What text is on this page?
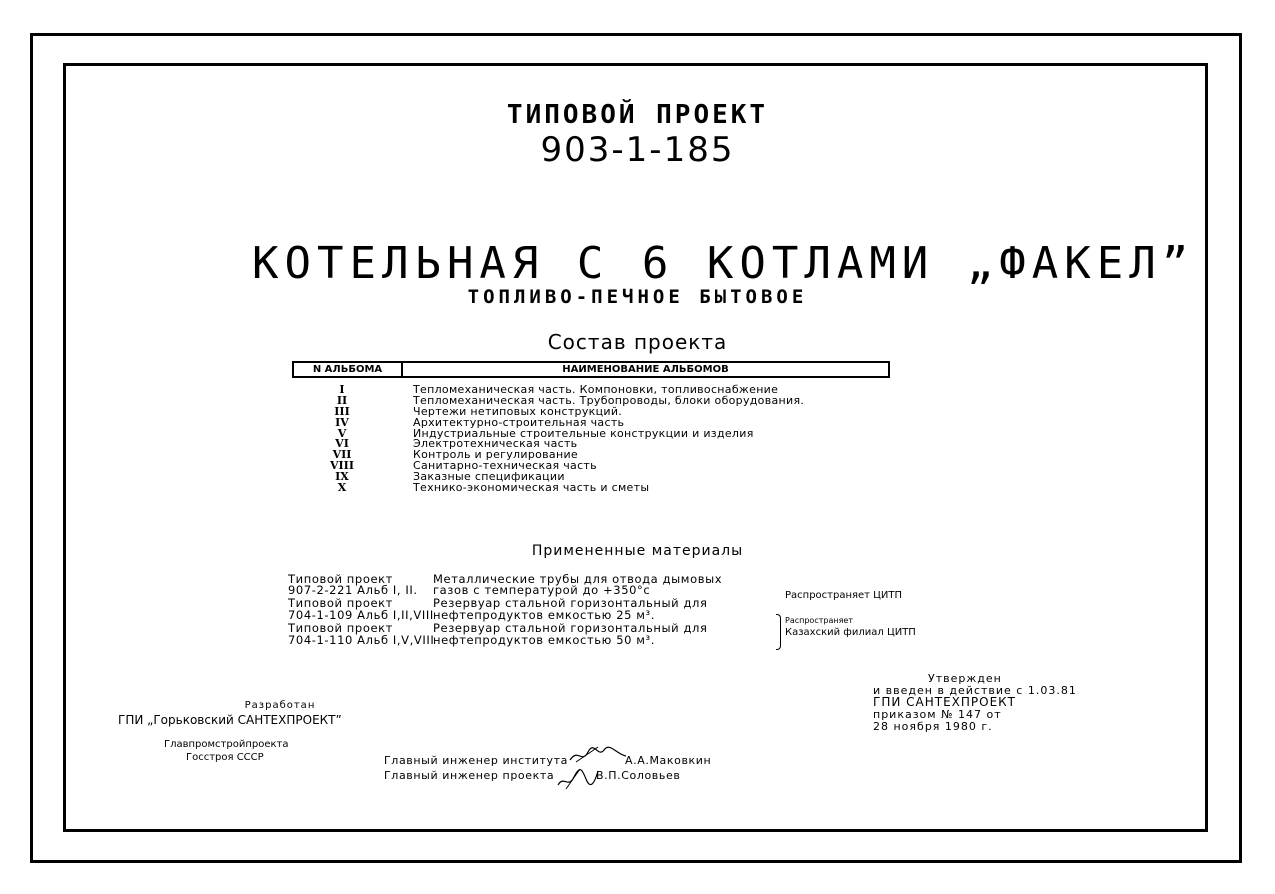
ТИПОВОЙ ПРОЕКТ
903-1-185
КОТЕЛЬНАЯ С 6 КОТЛАМИ „ФАКЕЛ”
ТОПЛИВО-ПЕЧНОЕ БЫТОВОЕ
Состав проекта
N АЛЬБОМА	НАИМЕНОВАНИЕ АЛЬБОМОВ
I	Тепломеханическая часть. Компоновки, топливоснабжение
II	Тепломеханическая часть. Трубопроводы, блоки оборудования.
III	Чертежи нетиповых конструкций.
IV	Архитектурно-строительная часть
V	Индустриальные строительные конструкции и изделия
VI	Электротехническая часть
VII	Контроль и регулирование
VIII	Санитарно-техническая часть
IX	Заказные спецификации
X	Технико-экономическая часть и сметы
Примененные материалы
Типовой проект	Металлические трубы для отвода дымовых
907-2-221 Альб I, II. газов с температурой до +350°с
Типовой проект	Резервуар стальной горизонтальный для
704-1-109 Альб I,II,VIII нефтепродуктов емкостью 25 м³.
Типовой проект	Резервуар стальной горизонтальный для
704-1-110 Альб I,V,VIII
нефтепродуктов емкостью 50 м³.
Распространяет ЦИТП
Распространяет
Казахский филиал ЦИТП
Разработан
ГПИ „Горьковский САНТЕХПРОЕКТ”
Главпромстройпроекта
Госстроя СССР	Главный инженер института	А.А.Маковкин
Главный инженер проекта	В.П.Соловьев
Утвержден
и введен в действие с 1.03.81
ГПИ САНТЕХПРОЕКТ
приказом № 147 от
28 ноября 1980 г.
